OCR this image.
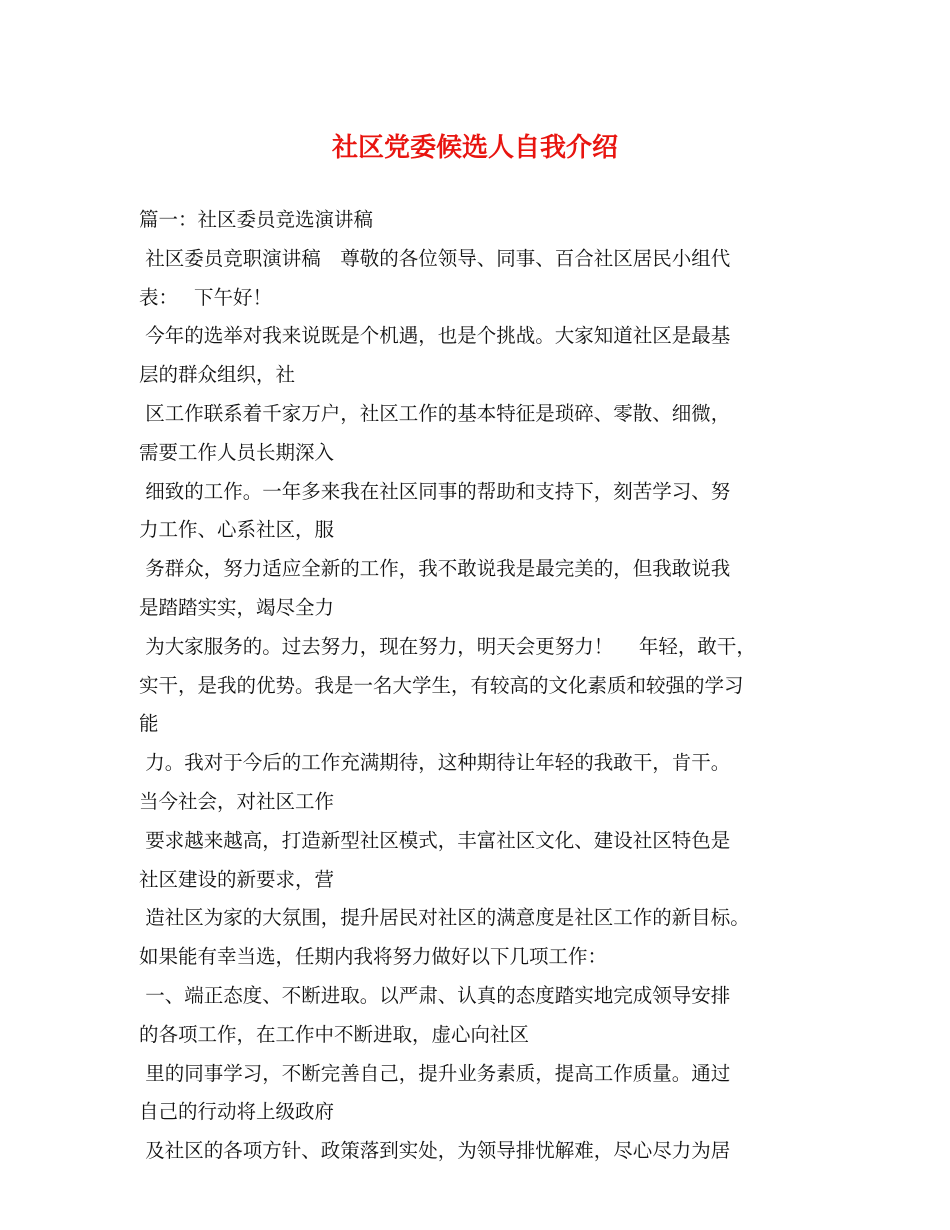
社区党委候选人自我介绍
篇一：社区委员竞选演讲稿
社区委员竞职演讲稿　尊敬的各位领导、同事、百合社区居民小组代
表：　 下午好！
今年的选举对我来说既是个机遇，也是个挑战。大家知道社区是最基
层的群众组织，社
区工作联系着千家万户，社区工作的基本特征是琐碎、零散、细微，
需要工作人员长期深入
细致的工作。一年多来我在社区同事的帮助和支持下，刻苦学习、努
力工作、心系社区，服
务群众，努力适应全新的工作，我不敢说我是最完美的，但我敢说我
是踏踏实实，竭尽全力
为大家服务的。过去努力，现在努力，明天会更努力！　 年轻，敢干，
实干，是我的优势。我是一名大学生，有较高的文化素质和较强的学习
能
力。我对于今后的工作充满期待，这种期待让年轻的我敢干，肯干。
当今社会，对社区工作
要求越来越高，打造新型社区模式，丰富社区文化、建设社区特色是
社区建设的新要求，营
造社区为家的大氛围，提升居民对社区的满意度是社区工作的新目标。
如果能有幸当选，任期内我将努力做好以下几项工作：
一、端正态度、不断进取。以严肃、认真的态度踏实地完成领导安排
的各项工作，在工作中不断进取，虚心向社区
里的同事学习，不断完善自己，提升业务素质，提高工作质量。通过
自己的行动将上级政府
及社区的各项方针、政策落到实处，为领导排忧解难，尽心尽力为居
